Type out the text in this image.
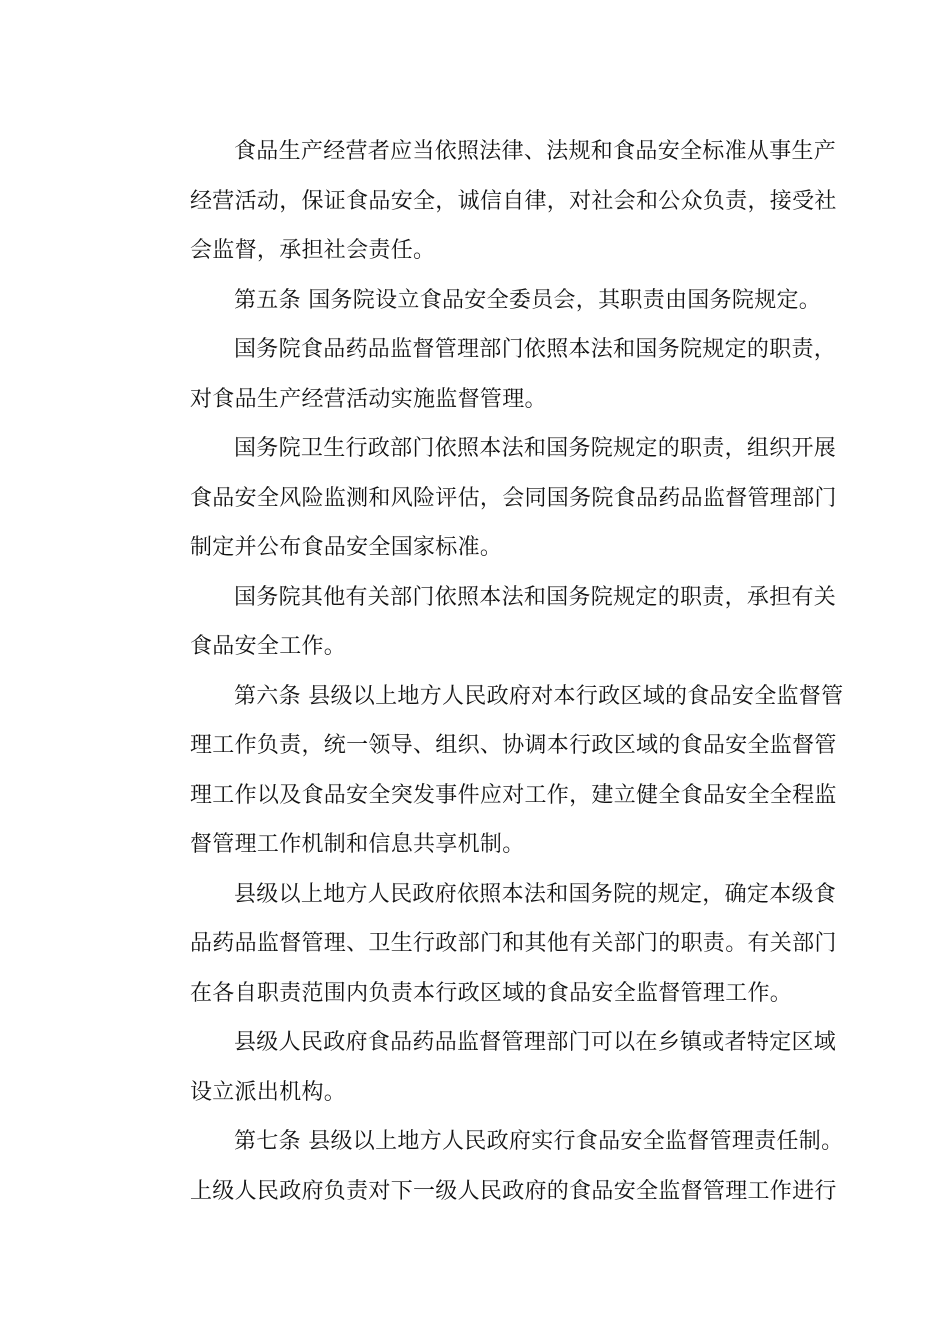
食品生产经营者应当依照法律、法规和食品安全标准从事生产
经营活动，保证食品安全，诚信自律，对社会和公众负责，接受社
会监督，承担社会责任。
第五条 国务院设立食品安全委员会，其职责由国务院规定。
国务院食品药品监督管理部门依照本法和国务院规定的职责，
对食品生产经营活动实施监督管理。
国务院卫生行政部门依照本法和国务院规定的职责，组织开展
食品安全风险监测和风险评估，会同国务院食品药品监督管理部门
制定并公布食品安全国家标准。
国务院其他有关部门依照本法和国务院规定的职责，承担有关
食品安全工作。
第六条 县级以上地方人民政府对本行政区域的食品安全监督管
理工作负责，统一领导、组织、协调本行政区域的食品安全监督管
理工作以及食品安全突发事件应对工作，建立健全食品安全全程监
督管理工作机制和信息共享机制。
县级以上地方人民政府依照本法和国务院的规定，确定本级食
品药品监督管理、卫生行政部门和其他有关部门的职责。有关部门
在各自职责范围内负责本行政区域的食品安全监督管理工作。
县级人民政府食品药品监督管理部门可以在乡镇或者特定区域
设立派出机构。
第七条 县级以上地方人民政府实行食品安全监督管理责任制。
上级人民政府负责对下一级人民政府的食品安全监督管理工作进行
